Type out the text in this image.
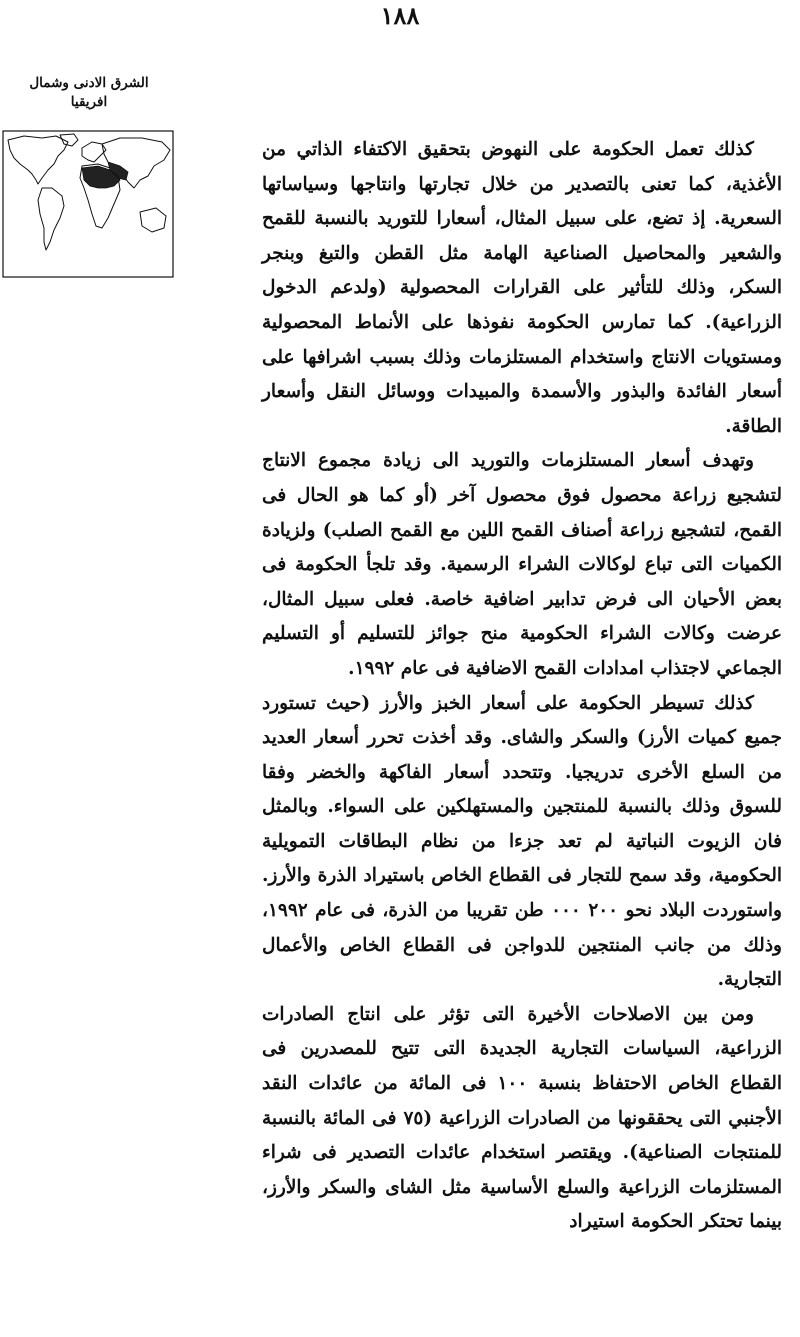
١٨٨
الشرق الادنى وشمال
افريقيا

كذلك تعمل الحكومة على النهوض بتحقيق الاكتفاء الذاتي من الأغذية، كما تعنى بالتصدير من خلال تجارتها وانتاجها وسياساتها السعرية. إذ تضع، على سبيل المثال، أسعارا للتوريد بالنسبة للقمح والشعير والمحاصيل الصناعية الهامة مثل القطن والتبغ وبنجر السكر، وذلك للتأثير على القرارات المحصولية (ولدعم الدخول الزراعية). كما تمارس الحكومة نفوذها على الأنماط المحصولية ومستويات الانتاج واستخدام المستلزمات وذلك بسبب اشرافها على أسعار الفائدة والبذور والأسمدة والمبيدات ووسائل النقل وأسعار الطاقة.

وتهدف أسعار المستلزمات والتوريد الى زيادة مجموع الانتاج لتشجيع زراعة محصول فوق محصول آخر (أو كما هو الحال فى القمح، لتشجيع زراعة أصناف القمح اللين مع القمح الصلب) ولزيادة الكميات التى تباع لوكالات الشراء الرسمية. وقد تلجأ الحكومة فى بعض الأحيان الى فرض تدابير اضافية خاصة. فعلى سبيل المثال، عرضت وكالات الشراء الحكومية منح جوائز للتسليم أو التسليم الجماعي لاجتذاب امدادات القمح الاضافية فى عام ١٩٩٢.

كذلك تسيطر الحكومة على أسعار الخبز والأرز (حيث تستورد جميع كميات الأرز) والسكر والشاى. وقد أخذت تحرر أسعار العديد من السلع الأخرى تدريجيا. وتتحدد أسعار الفاكهة والخضر وفقا للسوق وذلك بالنسبة للمنتجين والمستهلكين على السواء. وبالمثل فان الزيوت النباتية لم تعد جزءا من نظام البطاقات التمويلية الحكومية، وقد سمح للتجار فى القطاع الخاص باستيراد الذرة والأرز. واستوردت البلاد نحو ٢٠٠ ٠٠٠ طن تقريبا من الذرة، فى عام ١٩٩٢، وذلك من جانب المنتجين للدواجن فى القطاع الخاص والأعمال التجارية.

ومن بين الاصلاحات الأخيرة التى تؤثر على انتاج الصادرات الزراعية، السياسات التجارية الجديدة التى تتيح للمصدرين فى القطاع الخاص الاحتفاظ بنسبة ١٠٠ فى المائة من عائدات النقد الأجنبي التى يحققونها من الصادرات الزراعية (٧٥ فى المائة بالنسبة للمنتجات الصناعية). ويقتصر استخدام عائدات التصدير فى شراء المستلزمات الزراعية والسلع الأساسية مثل الشاى والسكر والأرز، بينما تحتكر الحكومة استيراد
